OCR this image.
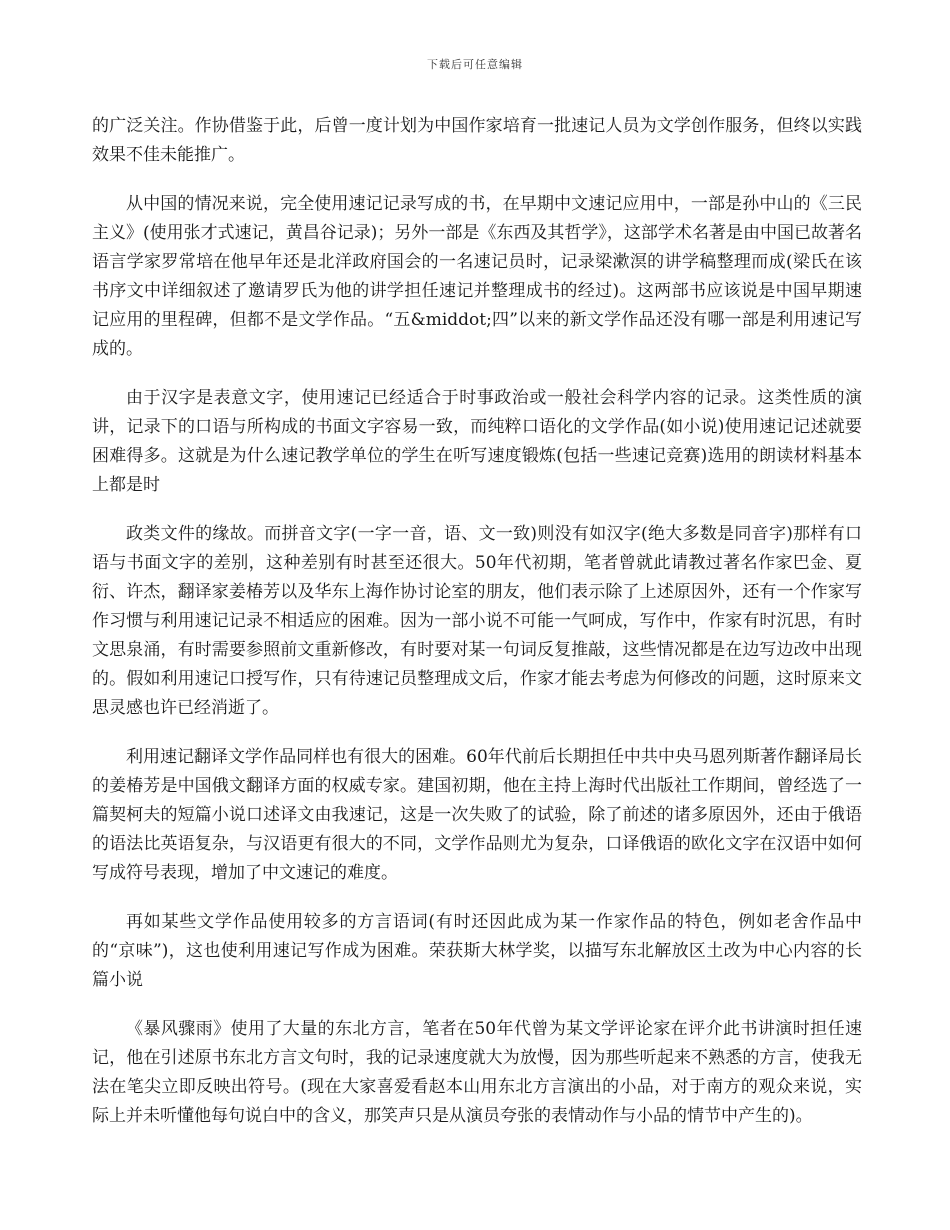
下载后可任意编辑

的广泛关注。作协借鉴于此，后曾一度计划为中国作家培育一批速记人员为文学创作服务，但终以实践效果不佳未能推广。

从中国的情况来说，完全使用速记记录写成的书，在早期中文速记应用中，一部是孙中山的《三民主义》(使用张才式速记，黄昌谷记录)；另外一部是《东西及其哲学》，这部学术名著是由中国已故著名语言学家罗常培在他早年还是北洋政府国会的一名速记员时，记录梁漱溟的讲学稿整理而成(梁氏在该书序文中详细叙述了邀请罗氏为他的讲学担任速记并整理成书的经过)。这两部书应该说是中国早期速记应用的里程碑，但都不是文学作品。“五&middot;四”以来的新文学作品还没有哪一部是利用速记写成的。

由于汉字是表意文字，使用速记已经适合于时事政治或一般社会科学内容的记录。这类性质的演讲，记录下的口语与所构成的书面文字容易一致，而纯粹口语化的文学作品(如小说)使用速记记述就要困难得多。这就是为什么速记教学单位的学生在听写速度锻炼(包括一些速记竞赛)选用的朗读材料基本上都是时

政类文件的缘故。而拼音文字(一字一音，语、文一致)则没有如汉字(绝大多数是同音字)那样有口语与书面文字的差别，这种差别有时甚至还很大。50年代初期，笔者曾就此请教过著名作家巴金、夏衍、许杰，翻译家姜椿芳以及华东上海作协讨论室的朋友，他们表示除了上述原因外，还有一个作家写作习惯与利用速记记录不相适应的困难。因为一部小说不可能一气呵成，写作中，作家有时沉思，有时文思泉涌，有时需要参照前文重新修改，有时要对某一句词反复推敲，这些情况都是在边写边改中出现的。假如利用速记口授写作，只有待速记员整理成文后，作家才能去考虑为何修改的问题，这时原来文思灵感也许已经消逝了。

利用速记翻译文学作品同样也有很大的困难。60年代前后长期担任中共中央马恩列斯著作翻译局长的姜椿芳是中国俄文翻译方面的权威专家。建国初期，他在主持上海时代出版社工作期间，曾经选了一篇契柯夫的短篇小说口述译文由我速记，这是一次失败了的试验，除了前述的诸多原因外，还由于俄语的语法比英语复杂，与汉语更有很大的不同，文学作品则尤为复杂，口译俄语的欧化文字在汉语中如何写成符号表现，增加了中文速记的难度。

再如某些文学作品使用较多的方言语词(有时还因此成为某一作家作品的特色，例如老舍作品中的“京味”)，这也使利用速记写作成为困难。荣获斯大林学奖，以描写东北解放区土改为中心内容的长篇小说

《暴风骤雨》使用了大量的东北方言，笔者在50年代曾为某文学评论家在评介此书讲演时担任速记，他在引述原书东北方言文句时，我的记录速度就大为放慢，因为那些听起来不熟悉的方言，使我无法在笔尖立即反映出符号。(现在大家喜爱看赵本山用东北方言演出的小品，对于南方的观众来说，实际上并未听懂他每句说白中的含义，那笑声只是从演员夸张的表情动作与小品的情节中产生的)。
